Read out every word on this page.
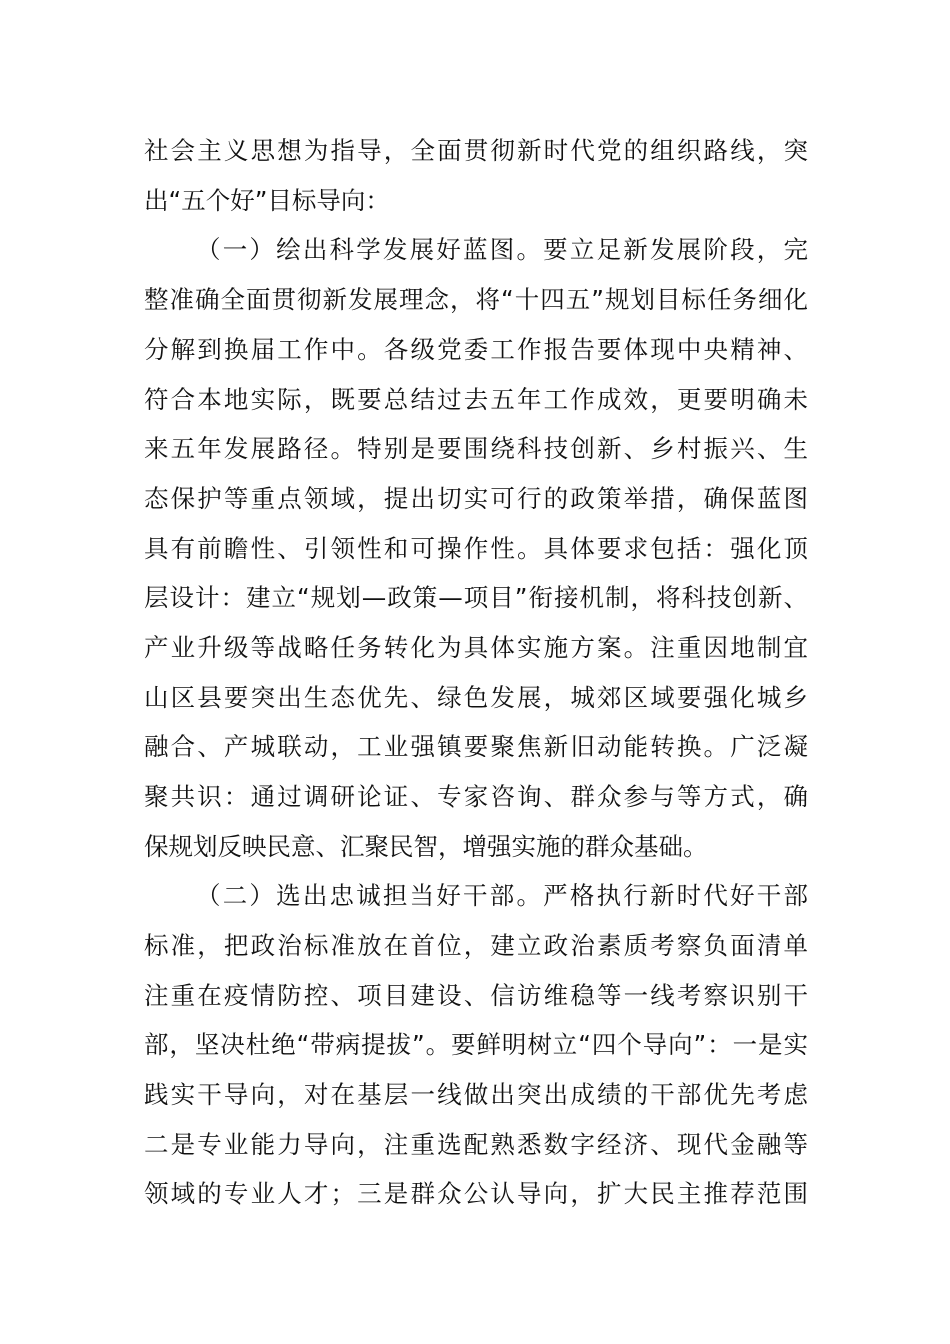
社会主义思想为指导，全面贯彻新时代党的组织路线，突
出“五个好”目标导向：
（一）绘出科学发展好蓝图。要立足新发展阶段，完
整准确全面贯彻新发展理念，将“十四五”规划目标任务细化
分解到换届工作中。各级党委工作报告要体现中央精神、
符合本地实际，既要总结过去五年工作成效，更要明确未
来五年发展路径。特别是要围绕科技创新、乡村振兴、生
态保护等重点领域，提出切实可行的政策举措，确保蓝图
具有前瞻性、引领性和可操作性。具体要求包括：强化顶
层设计：建立“规划—政策—项目”衔接机制，将科技创新、
产业升级等战略任务转化为具体实施方案。注重因地制宜
山区县要突出生态优先、绿色发展，城郊区域要强化城乡
融合、产城联动，工业强镇要聚焦新旧动能转换。广泛凝
聚共识：通过调研论证、专家咨询、群众参与等方式，确
保规划反映民意、汇聚民智，增强实施的群众基础。
（二）选出忠诚担当好干部。严格执行新时代好干部
标准，把政治标准放在首位，建立政治素质考察负面清单
注重在疫情防控、项目建设、信访维稳等一线考察识别干
部，坚决杜绝“带病提拔”。要鲜明树立“四个导向”：一是实
践实干导向，对在基层一线做出突出成绩的干部优先考虑
二是专业能力导向，注重选配熟悉数字经济、现代金融等
领域的专业人才；三是群众公认导向，扩大民主推荐范围
